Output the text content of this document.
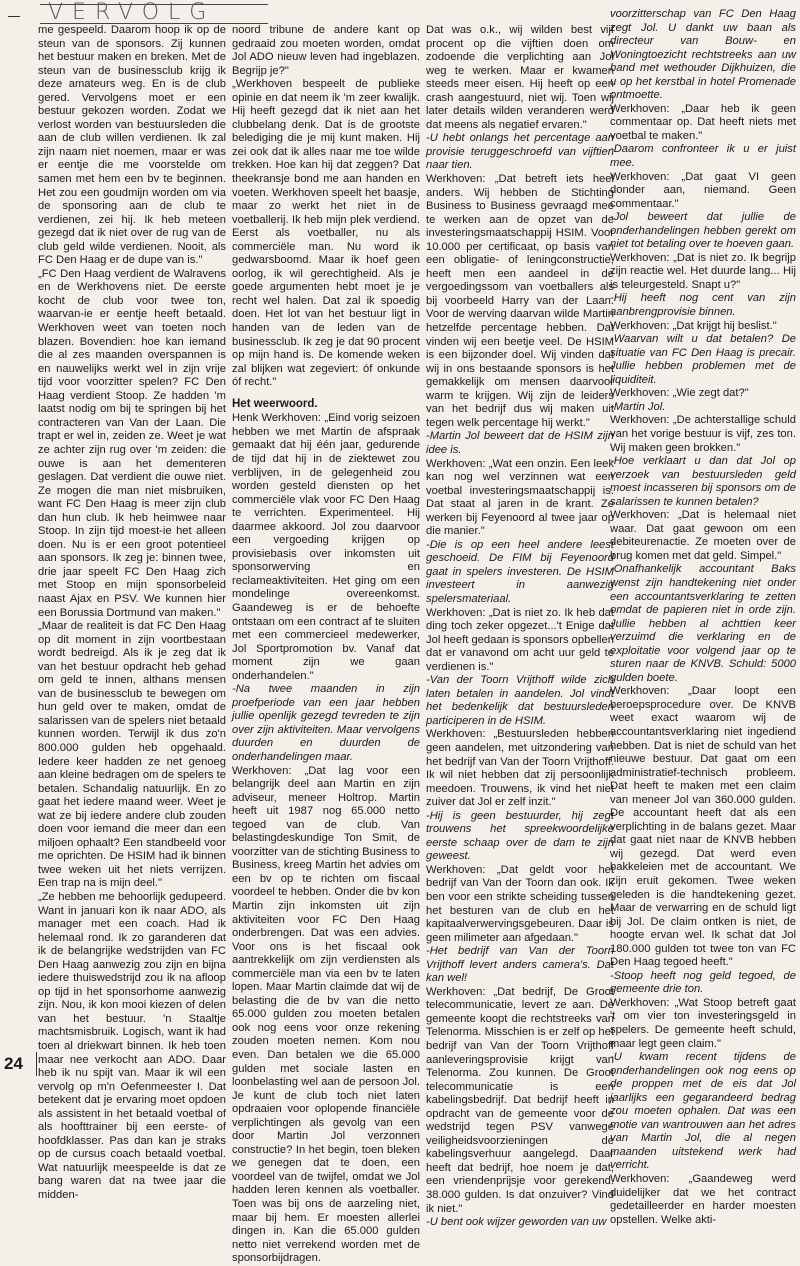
VERVOLG

me gespeeld. Daarom hoop ik op de steun van de sponsors. Zij kunnen het bestuur maken en breken. Met de steun van de businessclub krijg ik deze amateurs weg. En is de club gered. Vervolgens moet er een bestuur gekozen worden. Zodat we verlost worden van bestuursleden die aan de club willen verdienen. Ik zal zijn naam niet noemen, maar er was er eentje die me voorstelde om samen met hem een bv te beginnen. Het zou een goudmijn worden om via de sponsoring aan de club te verdienen, zei hij. Ik heb meteen gezegd dat ik niet over de rug van de club geld wilde verdienen. Nooit, als FC Den Haag er de dupe van is."

„FC Den Haag verdient de Walravens en de Werkhovens niet. De eerste kocht de club voor twee ton, waarvan-ie er eentje heeft betaald. Werkhoven weet van toeten noch blazen. Bovendien: hoe kan iemand die al zes maanden overspannen is en nauwelijks werkt wel in zijn vrije tijd voor voorzitter spelen? FC Den Haag verdient Stoop. Ze hadden 'm laatst nodig om bij te springen bij het contracteren van Van der Laan. Die trapt er wel in, zeiden ze. Weet je wat ze achter zijn rug over 'm zeiden: die ouwe is aan het dementeren geslagen. Dat verdient die ouwe niet. Ze mogen die man niet misbruiken, want FC Den Haag is meer zijn club dan hun club. Ik heb heimwee naar Stoop. In zijn tijd moest-ie het alleen doen. Nu is er een groot potentieel aan sponsors. Ik zeg je: binnen twee, drie jaar speelt FC Den Haag zich met Stoop en mijn sponsorbeleid naast Ajax en PSV. We kunnen hier een Borussia Dortmund van maken."

„Maar de realiteit is dat FC Den Haag op dit moment in zijn voortbestaan wordt bedreigd. Als ik je zeg dat ik van het bestuur opdracht heb gehad om geld te innen, althans mensen van de businessclub te bewegen om hun geld over te maken, omdat de salarissen van de spelers niet betaald kunnen worden. Terwijl ik dus zo'n 800.000 gulden heb opgehaald. Iedere keer hadden ze net genoeg aan kleine bedragen om de spelers te betalen. Schandalig natuurlijk. En zo gaat het iedere maand weer. Weet je wat ze bij iedere andere club zouden doen voor iemand die meer dan een miljoen ophaalt? Een standbeeld voor me oprichten. De HSIM had ik binnen twee weken uit het niets verrijzen. Een trap na is mijn deel."

„Ze hebben me behoorlijk gedupeerd. Want in januari kon ik naar ADO, als manager met een coach. Had ik helemaal rond. Ik zo garanderen dat ik de belangrijke wedstrijden van FC Den Haag aanwezig zou zijn en bijna iedere thuiswedstrijd zou ik na afloop op tijd in het sponsorhome aanwezig zijn. Nou, ik kon mooi kiezen of delen van het bestuur. 'n Staaltje machtsmisbruik. Logisch, want ik had toen al driekwart binnen. Ik heb toen maar nee verkocht aan ADO. Daar heb ik nu spijt van. Maar ik wil een vervolg op m'n Oefenmeester I. Dat betekent dat je ervaring moet opdoen als assistent in het betaald voetbal of als hoofttrainer bij een eerste- of hoofdklasser. Pas dan kan je straks op de cursus coach betaald voetbal. Wat natuurlijk meespeelde is dat ze bang waren dat na twee jaar die midden-

noord tribune de andere kant op gedraaid zou moeten worden, omdat Jol ADO nieuw leven had ingeblazen. Begrijp je?"

„Werkhoven bespeelt de publieke opinie en dat neem ik 'm zeer kwalijk. Hij heeft gezegd dat ik niet aan het clubbelang denk. Dat is de grootste belediging die je mij kunt maken. Hij zei ook dat ik alles naar me toe wilde trekken. Hoe kan hij dat zeggen? Dat theekransje bond me aan handen en voeten. Werkhoven speelt het baasje, maar zo werkt het niet in de voetballerij. Ik heb mijn plek verdiend. Eerst als voetballer, nu als commerciële man. Nu word ik gedwarsboomd. Maar ik hoef geen oorlog, ik wil gerechtigheid. Als je goede argumenten hebt moet je je recht wel halen. Dat zal ik spoedig doen. Het lot van het bestuur ligt in handen van de leden van de businessclub. Ik zeg je dat 90 procent op mijn hand is. De komende weken zal blijken wat zegeviert: óf onkunde óf recht."

Het weerwoord.

Henk Werkhoven: „Eind vorig seizoen hebben we met Martin de afspraak gemaakt dat hij één jaar, gedurende de tijd dat hij in de ziektewet zou verblijven, in de gelegenheid zou worden gesteld diensten op het commerciële vlak voor FC Den Haag te verrichten. Experimenteel. Hij daarmee akkoord. Jol zou daarvoor een vergoeding krijgen op provisiebasis over inkomsten uit sponsorwerving en reclameaktiviteiten. Het ging om een mondelinge overeenkomst. Gaandeweg is er de behoefte ontstaan om een contract af te sluiten met een commercieel medewerker, Jol Sportpromotion bv. Vanaf dat moment zijn we gaan onderhandelen."

-Na twee maanden in zijn proefperiode van een jaar hebben jullie openlijk gezegd tevreden te zijn over zijn aktiviteiten. Maar vervolgens duurden en duurden de onderhandelingen maar.

Werkhoven: „Dat lag voor een belangrijk deel aan Martin en zijn adviseur, meneer Holtrop. Martin heeft uit 1987 nog 65.000 netto tegoed van de club. Van belastingdeskundige Ton Smit, de voorzitter van de stichting Business to Business, kreeg Martin het advies om een bv op te richten om fiscaal voordeel te hebben. Onder die bv kon Martin zijn inkomsten uit zijn aktiviteiten voor FC Den Haag onderbrengen. Dat was een advies. Voor ons is het fiscaal ook aantrekkelijk om zijn verdiensten als commerciële man via een bv te laten lopen. Maar Martin claimde dat wij de belasting die de bv van die netto 65.000 gulden zou moeten betalen ook nog eens voor onze rekening zouden moeten nemen. Kom nou even. Dan betalen we die 65.000 gulden met sociale lasten en loonbelasting wel aan de persoon Jol. Je kunt de club toch niet laten opdraaien voor oplopende financiële verplichtingen als gevolg van een door Martin Jol verzonnen constructie? In het begin, toen bleken we genegen dat te doen, een voordeel van de twijfel, omdat we Jol hadden leren kennen als voetballer. Toen was bij ons de aarzeling niet, maar bij hem. Er moesten allerlei dingen in. Kan die 65.000 gulden netto niet verrekend worden met de sponsorbijdragen.

Dat was o.k., wij wilden best vijf procent op die vijftien doen om zodoende die verplichting aan Jol weg te werken. Maar er kwamen steeds meer eisen. Hij heeft op een crash aangestuurd, niet wij. Toen wij later details wilden veranderen werd dat meens als negatief ervaren."

-U hebt onlangs het percentage aan provisie teruggeschroefd van vijftien naar tien.

Werkhoven: „Dat betreft iets heel anders. Wij hebben de Stichting Business to Business gevraagd mee te werken aan de opzet van de investeringsmaatschappij HSIM. Voor 10.000 per certificaat, op basis van een obligatie- of leningconstructie, heeft men een aandeel in de vergoedingssom van voetballers als bij voorbeeld Harry van der Laan. Voor de werving daarvan wilde Martin hetzelfde percentage hebben. Dat vinden wij een beetje veel. De HSIM is een bijzonder doel. Wij vinden dat wij in ons bestaande sponsors is het gemakkelijk om mensen daarvoor warm te krijgen. Wij zijn de leiders van het bedrijf dus wij maken uit tegen welk percentage hij werkt."

-Martin Jol beweert dat de HSIM zijn idee is.

Werkhoven: „Wat een onzin. Een leek kan nog wel verzinnen wat een voetbal investeringsmaatschappij is. Dat staat al jaren in de krant. Ze werken bij Feyenoord al twee jaar op die manier."

-Die is op een heel andere leest geschoeid. De FIM bij Feyenoord gaat in spelers investeren. De HSIM investeert in aanwezig spelersmateriaal.

Werkhoven: „Dat is niet zo. Ik heb dat ding toch zeker opgezet...'t Enige dat Jol heeft gedaan is sponsors opbellen dat er vanavond om acht uur geld te verdienen is."

-Van der Toorn Vrijthoff wilde zich laten betalen in aandelen. Jol vindt het bedenkelijk dat bestuursleden participeren in de HSIM.

Werkhoven: „Bestuursleden hebben geen aandelen, met uitzondering van het bedrijf van Van der Toorn Vrijthoff. Ik wil niet hebben dat zij persoonlijk meedoen. Trouwens, ik vind het niet zuiver dat Jol er zelf inzit."

-Hij is geen bestuurder, hij zegt trouwens het spreekwoordelijke eerste schaap over de dam te zijn geweest.

Werkhoven: „Dat geldt voor het bedrijf van Van der Toorn dan ook. Ik ben voor een strikte scheiding tussen het besturen van de club en het kapitaalverwervingsgebeuren. Daar is geen milimeter aan afgedaan."

-Het bedrijf van Van der Toorn Vrijthoff levert anders camera's. Dat kan wel!

Werkhoven: „Dat bedrijf, De Groot telecommunicatie, levert ze aan. De gemeente koopt die rechtstreeks van Telenorma. Misschien is er zelf op het bedrijf van Van der Toorn Vrijthoff aanleveringsprovisie krijgt van Telenorma. Zou kunnen. De Groot telecommunicatie is een kabelingsbedrijf. Dat bedrijf heeft in opdracht van de gemeente voor de wedstrijd tegen PSV vanwege veiligheidsvoorzieningen de kabelingsverhuur aangelegd. Daar heeft dat bedrijf, hoe noem je dat, een vriendenprijsje voor gerekend. 38.000 gulden. Is dat onzuiver? Vind ik niet."

-U bent ook wijzer geworden van uw

voorzitterschap van FC Den Haag zegt Jol. U dankt uw baan als directeur van Bouw- en Woningtoezicht rechtstreeks aan uw band met wethouder Dijkhuizen, die u op het kerstbal in hotel Promenade ontmoette.

Werkhoven: „Daar heb ik geen commentaar op. Dat heeft niets met voetbal te maken."

-Daarom confronteer ik u er juist mee.

Werkhoven: „Dat gaat VI geen donder aan, niemand. Geen commentaar."

-Jol beweert dat jullie de onderhandelingen hebben gerekt om niet tot betaling over te hoeven gaan.

Werkhoven: „Dat is niet zo. Ik begrijp zijn reactie wel. Het duurde lang... Hij is teleurgesteld. Snapt u?"

-Hij heeft nog cent van zijn aanbrengprovisie binnen.

Werkhoven: „Dat krijgt hij beslist."

-Waarvan wilt u dat betalen? De situatie van FC Den Haag is precair. Jullie hebben problemen met de liquiditeit.

Werkhoven: „Wie zegt dat?"

-Martin Jol.

Werkhoven: „De achterstallige schuld van het vorige bestuur is vijf, zes ton. Wij maken geen brokken."

-Hoe verklaart u dan dat Jol op verzoek van bestuursleden geld moest incasseren bij sponsors om de salarissen te kunnen betalen?

Werkhoven: „Dat is helemaal niet waar. Dat gaat gewoon om een debiteurenactie. Ze moeten over de brug komen met dat geld. Simpel."

-Onafhankelijk accountant Baks wenst zijn handtekening niet onder een accountantsverklaring te zetten omdat de papieren niet in orde zijn. Jullie hebben al achttien keer verzuimd die verklaring en de exploitatie voor volgend jaar op te sturen naar de KNVB. Schuld: 5000 gulden boete.

Werkhoven: „Daar loopt een beroepsprocedure over. De KNVB weet exact waarom wij de accountantsverklaring niet ingediend hebben. Dat is niet de schuld van het nieuwe bestuur. Dat gaat om een administratief-technisch probleem. Dat heeft te maken met een claim van meneer Jol van 360.000 gulden. De accountant heeft dat als een verplichting in de balans gezet. Maar dat gaat niet naar de KNVB hebben wij gezegd. Dat werd even bakkeleien met de accountant. We zijn eruit gekomen. Twee weken geleden is die handtekening gezet. Maar de verwarring en de schuld ligt bij Jol. De claim ontken is niet, de hoogte ervan wel. Ik schat dat Jol 180.000 gulden tot twee ton van FC Den Haag tegoed heeft."

-Stoop heeft nog geld tegoed, de gemeente drie ton.

Werkhoven: „Wat Stoop betreft gaat 't om vier ton investeringsgeld in spelers. De gemeente heeft schuld, maar legt geen claim."

-U kwam recent tijdens de onderhandelingen ook nog eens op de proppen met de eis dat Jol jaarlijks een gegarandeerd bedrag zou moeten ophalen. Dat was een motie van wantrouwen aan het adres van Martin Jol, die al negen maanden uitstekend werk had verricht.

Werkhoven: „Gaandeweg werd duidelijker dat we het contract gedetailleerder en harder moesten opstellen. Welke akti-

24
